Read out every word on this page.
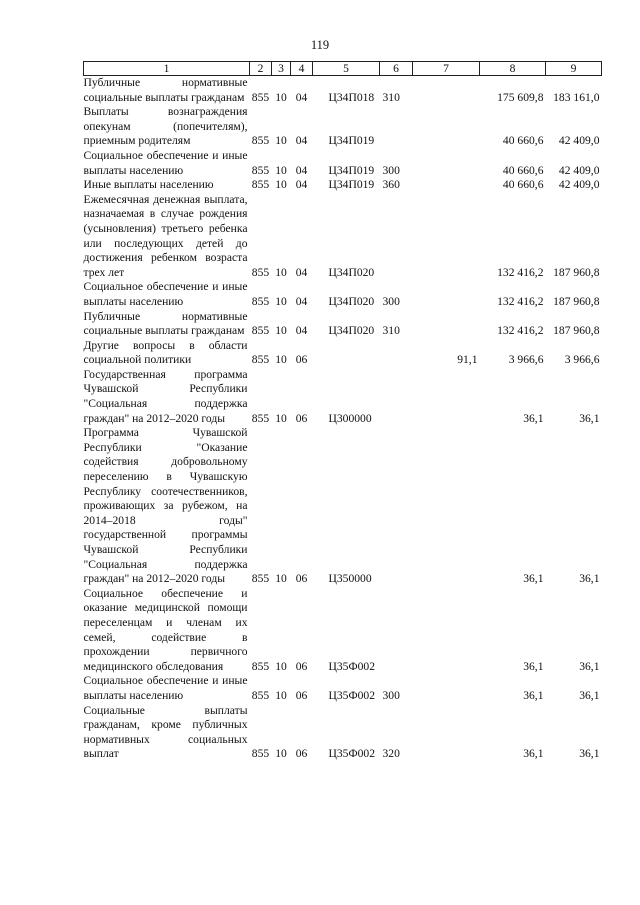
119
1	2	3	4	5	6	7	8	9
Публичные нормативные социальные выплаты гражданам	855	10	04	Ц34П018	310		175 609,8	183 161,0
Выплаты вознаграждения опекунам (попечителям), приемным родителям	855	10	04	Ц34П019			40 660,6	42 409,0
Социальное обеспечение и иные выплаты населению	855	10	04	Ц34П019	300		40 660,6	42 409,0
Иные выплаты населению	855	10	04	Ц34П019	360		40 660,6	42 409,0
Ежемесячная денежная выплата, назначаемая в случае рождения (усыновления) третьего ребенка или последующих детей до достижения ребенком возраста трех лет	855	10	04	Ц34П020			132 416,2	187 960,8
Социальное обеспечение и иные выплаты населению	855	10	04	Ц34П020	300		132 416,2	187 960,8
Публичные нормативные социальные выплаты гражданам	855	10	04	Ц34П020	310		132 416,2	187 960,8
Другие вопросы в области социальной политики	855	10	06			91,1	3 966,6	3 966,6
Государственная программа Чувашской Республики "Социальная поддержка граждан" на 2012–2020 годы	855	10	06	Ц300000			36,1	36,1
Программа Чувашской Республики "Оказание содействия добровольному переселению в Чувашскую Республику соотечественников, проживающих за рубежом, на 2014–2018 годы" государственной программы Чувашской Республики "Социальная поддержка граждан" на 2012–2020 годы	855	10	06	Ц350000			36,1	36,1
Социальное обеспечение и оказание медицинской помощи переселенцам и членам их семей, содействие в прохождении первичного медицинского обследования	855	10	06	Ц35Ф002			36,1	36,1
Социальное обеспечение и иные выплаты населению	855	10	06	Ц35Ф002	300		36,1	36,1
Социальные выплаты гражданам, кроме публичных нормативных социальных выплат	855	10	06	Ц35Ф002	320		36,1	36,1
